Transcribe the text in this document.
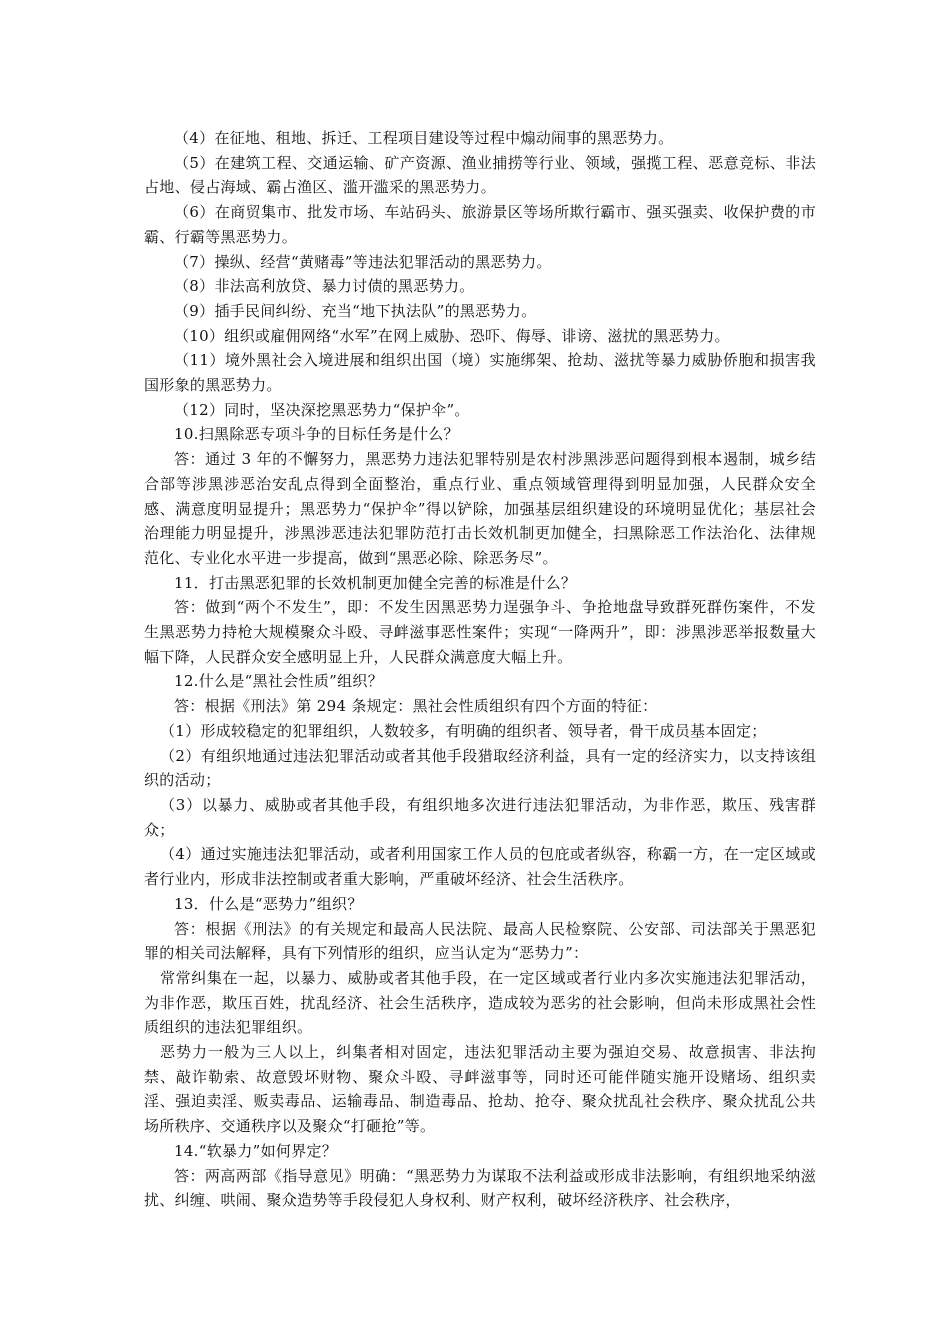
（4）在征地、租地、拆迁、工程项目建设等过程中煽动闹事的黑恶势力。

（5）在建筑工程、交通运输、矿产资源、渔业捕捞等行业、领域，强揽工程、恶意竞标、非法占地、侵占海域、霸占渔区、滥开滥采的黑恶势力。

（6）在商贸集市、批发市场、车站码头、旅游景区等场所欺行霸市、强买强卖、收保护费的市霸、行霸等黑恶势力。

（7）操纵、经营“黄赌毒”等违法犯罪活动的黑恶势力。

（8）非法高利放贷、暴力讨债的黑恶势力。

（9）插手民间纠纷、充当“地下执法队”的黑恶势力。

（10）组织或雇佣网络“水军”在网上威胁、恐吓、侮辱、诽谤、滋扰的黑恶势力。

（11）境外黑社会入境进展和组织出国（境）实施绑架、抢劫、滋扰等暴力威胁侨胞和损害我国形象的黑恶势力。

（12）同时，坚决深挖黑恶势力“保护伞”。

10.扫黑除恶专项斗争的目标任务是什么？

答：通过 3 年的不懈努力，黑恶势力违法犯罪特别是农村涉黑涉恶问题得到根本遏制，城乡结合部等涉黑涉恶治安乱点得到全面整治，重点行业、重点领域管理得到明显加强，人民群众安全感、满意度明显提升；黑恶势力“保护伞”得以铲除，加强基层组织建设的环境明显优化；基层社会治理能力明显提升，涉黑涉恶违法犯罪防范打击长效机制更加健全，扫黑除恶工作法治化、法律规范化、专业化水平进一步提高，做到“黑恶必除、除恶务尽”。

11．打击黑恶犯罪的长效机制更加健全完善的标准是什么？

答：做到“两个不发生”，即：不发生因黑恶势力逞强争斗、争抢地盘导致群死群伤案件，不发生黑恶势力持枪大规模聚众斗殴、寻衅滋事恶性案件；实现“一降两升”，即：涉黑涉恶举报数量大幅下降，人民群众安全感明显上升，人民群众满意度大幅上升。

12.什么是“黑社会性质”组织？

答：根据《刑法》第 294 条规定：黑社会性质组织有四个方面的特征：

（1）形成较稳定的犯罪组织，人数较多，有明确的组织者、领导者，骨干成员基本固定；

（2）有组织地通过违法犯罪活动或者其他手段猎取经济利益，具有一定的经济实力，以支持该组织的活动；

（3）以暴力、威胁或者其他手段，有组织地多次进行违法犯罪活动，为非作恶，欺压、残害群众；

（4）通过实施违法犯罪活动，或者利用国家工作人员的包庇或者纵容，称霸一方，在一定区域或者行业内，形成非法控制或者重大影响，严重破坏经济、社会生活秩序。

13．什么是“恶势力”组织？

答：根据《刑法》的有关规定和最高人民法院、最高人民检察院、公安部、司法部关于黑恶犯罪的相关司法解释，具有下列情形的组织，应当认定为“恶势力”：

常常纠集在一起，以暴力、威胁或者其他手段，在一定区域或者行业内多次实施违法犯罪活动，为非作恶，欺压百姓，扰乱经济、社会生活秩序，造成较为恶劣的社会影响，但尚未形成黑社会性质组织的违法犯罪组织。

恶势力一般为三人以上，纠集者相对固定，违法犯罪活动主要为强迫交易、故意损害、非法拘禁、敲诈勒索、故意毁坏财物、聚众斗殴、寻衅滋事等，同时还可能伴随实施开设赌场、组织卖淫、强迫卖淫、贩卖毒品、运输毒品、制造毒品、抢劫、抢夺、聚众扰乱社会秩序、聚众扰乱公共场所秩序、交通秩序以及聚众“打砸抢”等。

14.“软暴力”如何界定？

答：两高两部《指导意见》明确：“黑恶势力为谋取不法利益或形成非法影响，有组织地采纳滋扰、纠缠、哄闹、聚众造势等手段侵犯人身权利、财产权利，破坏经济秩序、社会秩序，
